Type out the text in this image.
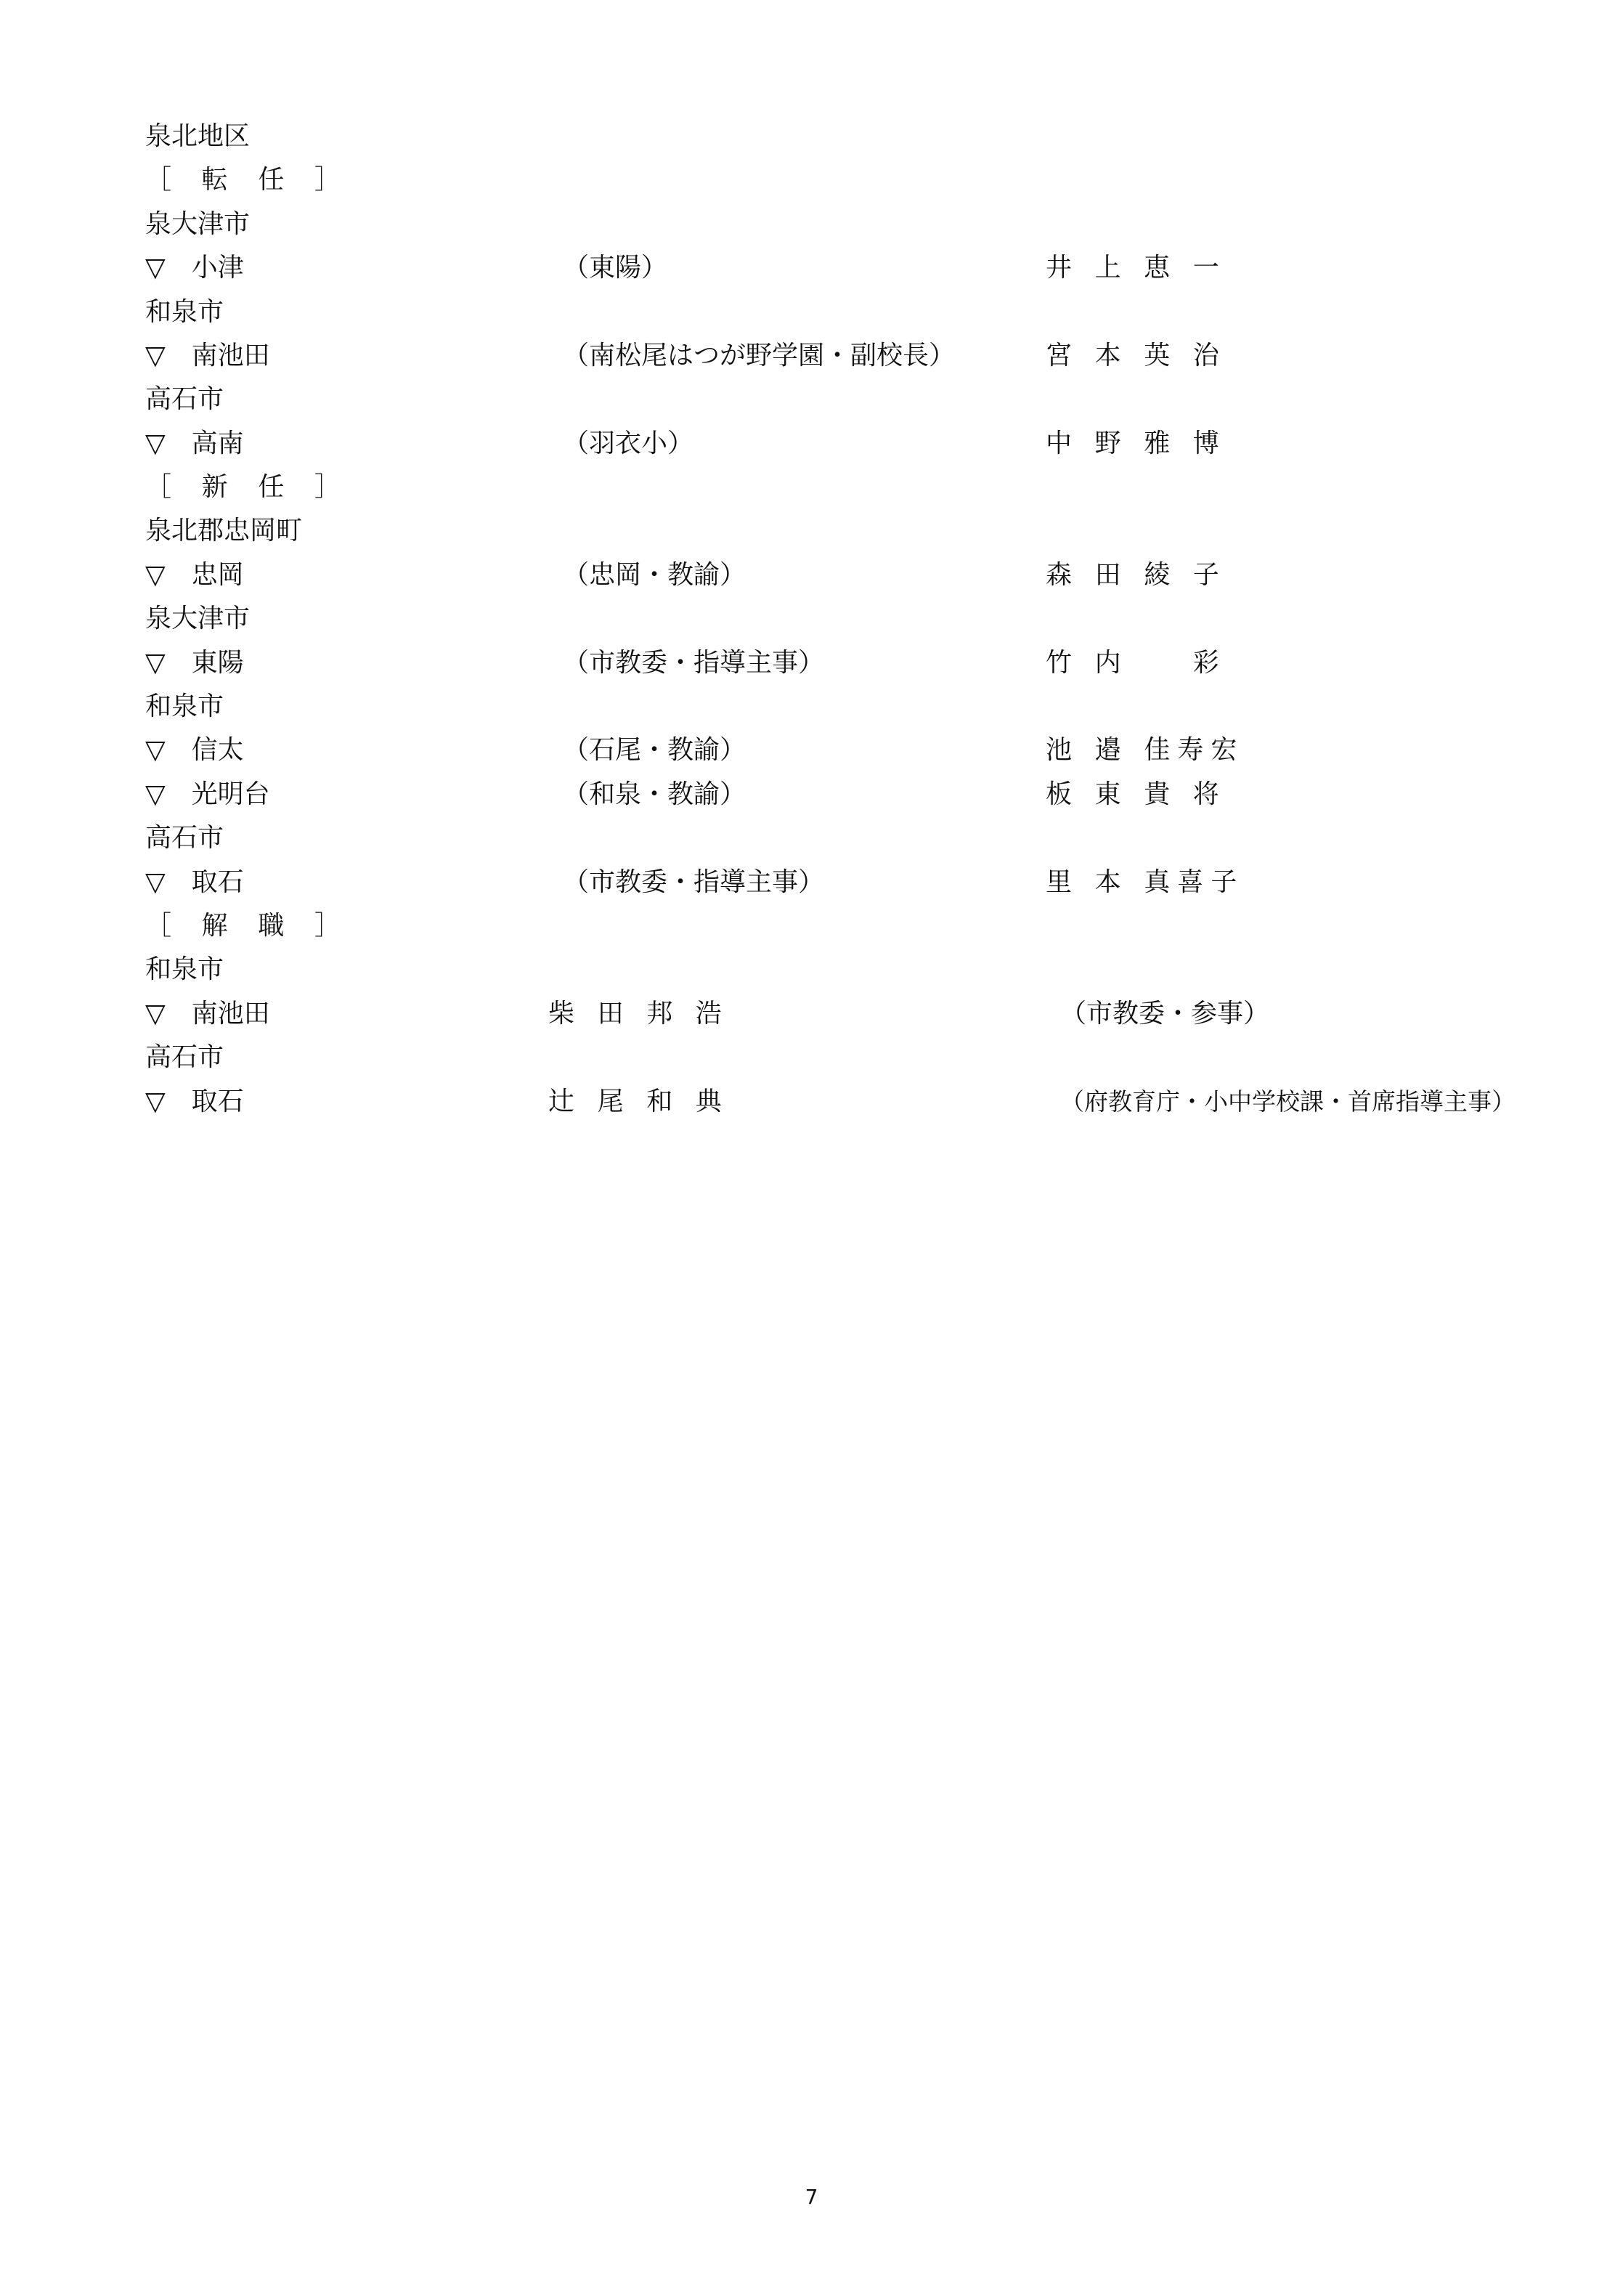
泉北地区
［ 転 任 ］
泉大津市
▽　小津	（東陽）	井 上 恵 一
和泉市
▽　南池田	（南松尾はつが野学園・副校長）	宮 本 英 治
高石市
▽　高南	（羽衣小）	中 野 雅 博
［ 新 任 ］
泉北郡忠岡町
▽　忠岡	（忠岡・教諭）	森 田 綾 子
泉大津市
▽　東陽	（市教委・指導主事）	竹 内 　 彩
和泉市
▽　信太	（石尾・教諭）	池 邉 佳寿宏
▽　光明台	（和泉・教諭）	板 東 貴 将
高石市
▽　取石	（市教委・指導主事）	里 本 真喜子
［ 解 職 ］
和泉市
▽　南池田	柴 田 邦 浩	（市教委・参事）
高石市
▽　取石	辻 尾 和 典	（府教育庁・小中学校課・首席指導主事）
7
